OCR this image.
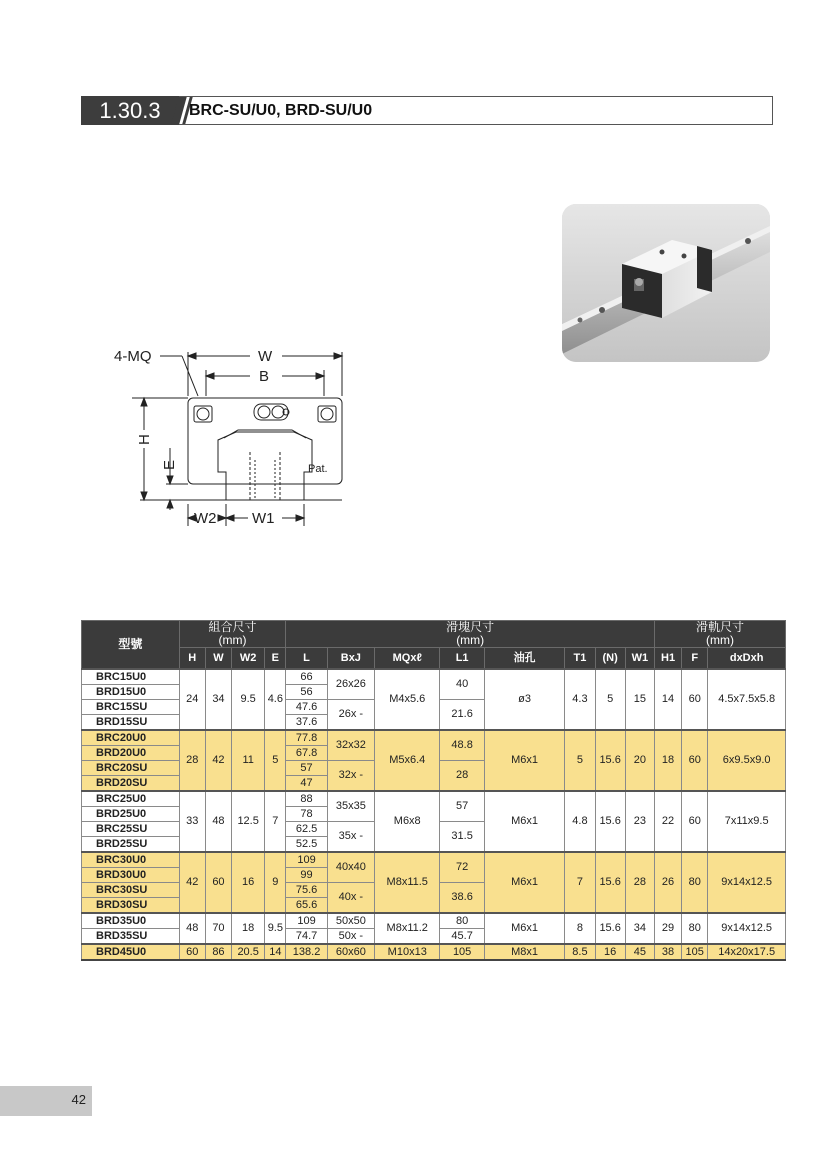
1.30.3	BRC-SU/U0, BRD-SU/U0
4-MQ	W
B
H
E
W2 W1
Pat.
型號	組合尺寸
(mm)				滑塊尺寸
(mm)								滑軌尺寸
(mm)		
	H	W	W2	E	L	BxJ	MQxℓ	L1	油孔	T1	(N)	W1	H1	F	dxDxh
BRC15U0	24	34	9.5	4.6	66	26x26	M4x5.6	40	ø3	4.3	5	15	14	60	4.5x7.5x5.8
BRD15U0					56										
BRC15SU					47.6	26x -		21.6							
BRD15SU					37.6										
BRC20U0	28	42	11	5	77.8	32x32	M5x6.4	48.8	M6x1	5	15.6	20	18	60	6x9.5x9.0
BRD20U0					67.8										
BRC20SU					57	32x -		28							
BRD20SU					47										
BRC25U0	33	48	12.5	7	88	35x35	M6x8	57	M6x1	4.8	15.6	23	22	60	7x11x9.5
BRD25U0					78										
BRC25SU					62.5	35x -		31.5							
BRD25SU					52.5										
BRC30U0	42	60	16	9	109	40x40	M8x11.5	72	M6x1	7	15.6	28	26	80	9x14x12.5
BRD30U0					99										
BRC30SU					75.6	40x -		38.6							
BRD30SU					65.6										
BRD35U0	48	70	18	9.5	109	50x50	M8x11.2	80	M6x1	8	15.6	34	29	80	9x14x12.5
BRD35SU					74.7	50x -		45.7							
BRD45U0	60	86	20.5	14	138.2	60x60	M10x13	105	M8x1	8.5	16	45	38	105	14x20x17.5
42
